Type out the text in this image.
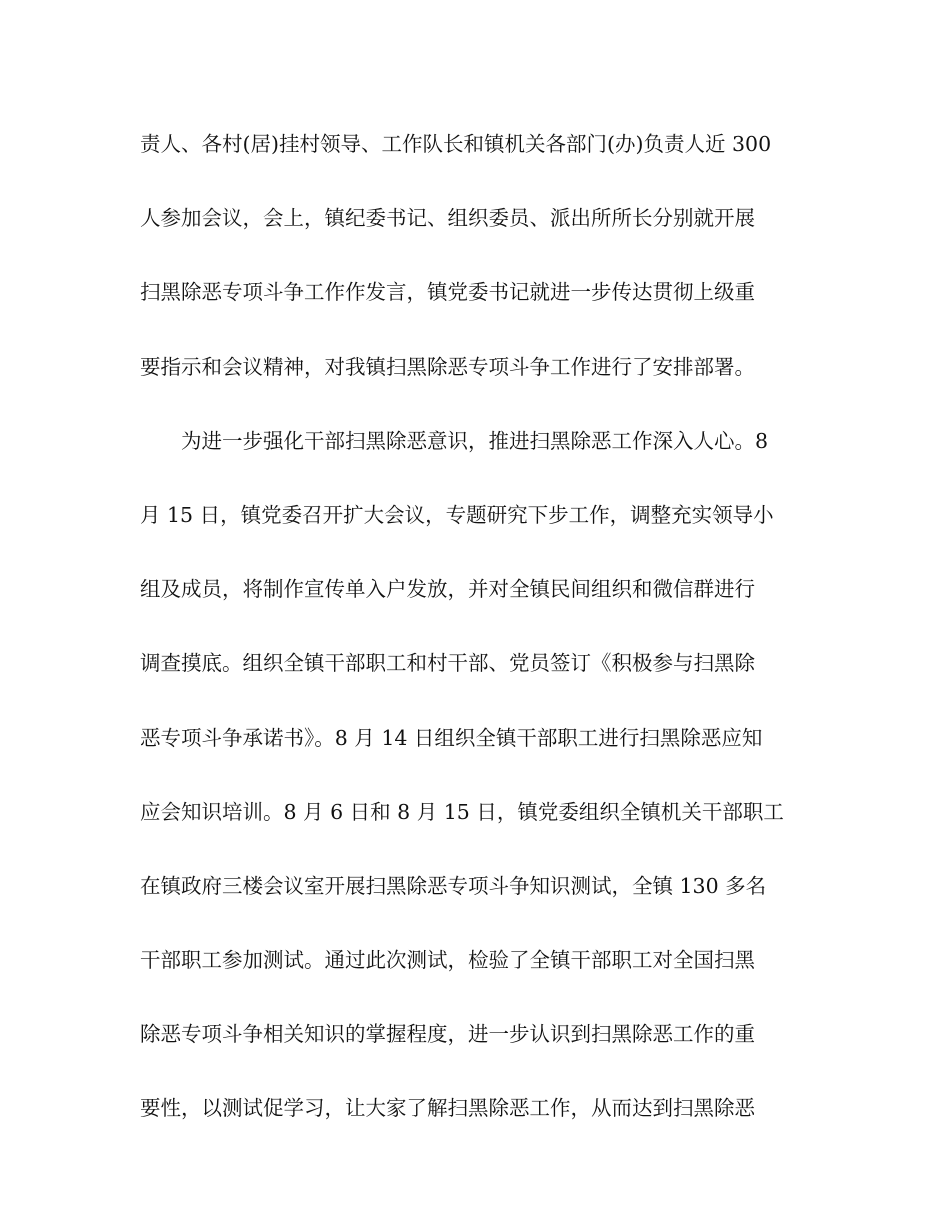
责人、各村(居)挂村领导、工作队长和镇机关各部门(办)负责人近 300
人参加会议，会上，镇纪委书记、组织委员、派出所所长分别就开展
扫黑除恶专项斗争工作作发言，镇党委书记就进一步传达贯彻上级重
要指示和会议精神，对我镇扫黑除恶专项斗争工作进行了安排部署。
为进一步强化干部扫黑除恶意识，推进扫黑除恶工作深入人心。8
月 15 日，镇党委召开扩大会议，专题研究下步工作，调整充实领导小
组及成员，将制作宣传单入户发放，并对全镇民间组织和微信群进行
调查摸底。组织全镇干部职工和村干部、党员签订《积极参与扫黑除
恶专项斗争承诺书》。8 月 14 日组织全镇干部职工进行扫黑除恶应知
应会知识培训。8 月 6 日和 8 月 15 日，镇党委组织全镇机关干部职工
在镇政府三楼会议室开展扫黑除恶专项斗争知识测试，全镇 130 多名
干部职工参加测试。通过此次测试，检验了全镇干部职工对全国扫黑
除恶专项斗争相关知识的掌握程度，进一步认识到扫黑除恶工作的重
要性，以测试促学习，让大家了解扫黑除恶工作，从而达到扫黑除恶
